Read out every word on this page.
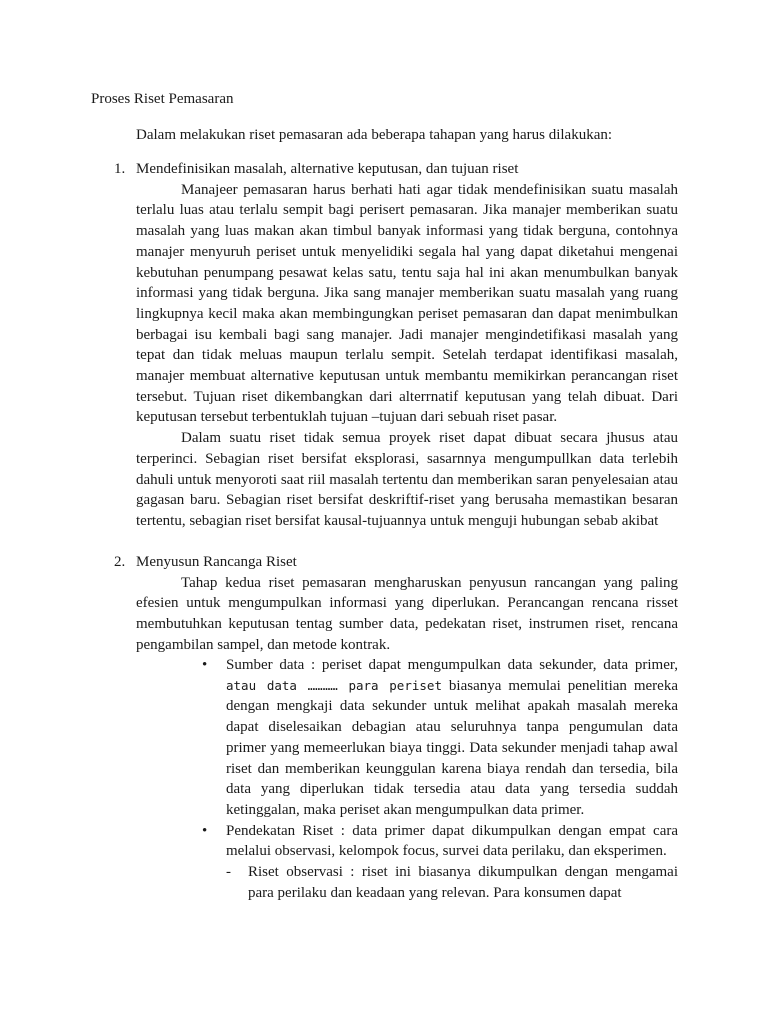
Proses Riset Pemasaran
Dalam melakukan riset pemasaran ada beberapa tahapan yang harus dilakukan:
1. Mendefinisikan masalah, alternative keputusan, dan tujuan riset

Manajeer pemasaran harus berhati hati agar tidak mendefinisikan suatu masalah terlalu luas atau terlalu sempit bagi perisert pemasaran. Jika manajer memberikan suatu masalah yang luas makan akan timbul banyak informasi yang tidak berguna, contohnya manajer menyuruh periset untuk menyelidiki segala hal yang dapat diketahui mengenai kebutuhan penumpang pesawat kelas satu, tentu saja hal ini akan menumbulkan banyak informasi yang tidak berguna. Jika sang manajer memberikan suatu masalah yang ruang lingkupnya kecil maka akan membingungkan periset pemasaran dan dapat menimbulkan berbagai isu kembali bagi sang manajer. Jadi manajer mengindetifikasi masalah yang tepat dan tidak meluas maupun terlalu sempit. Setelah terdapat identifikasi masalah, manajer membuat alternative keputusan untuk membantu memikirkan perancangan riset tersebut. Tujuan riset dikembangkan dari alterrnatif keputusan yang telah dibuat. Dari keputusan tersebut terbentuklah tujuan –tujuan dari sebuah riset pasar.

Dalam suatu riset tidak semua proyek riset dapat dibuat secara jhusus atau terperinci. Sebagian riset bersifat eksplorasi, sasarnnya mengumpullkan data terlebih dahuli untuk menyoroti saat riil masalah tertentu dan memberikan saran penyelesaian atau gagasan baru. Sebagian riset bersifat deskriftif-riset yang berusaha memastikan besaran tertentu, sebagian riset bersifat kausal-tujuannya untuk menguji hubungan sebab akibat

2. Menyusun Rancanga Riset

Tahap kedua riset pemasaran mengharuskan penyusun rancangan yang paling efesien untuk mengumpulkan informasi yang diperlukan. Perancangan rencana risset membutuhkan keputusan tentag sumber data, pedekatan riset, instrumen riset, rencana pengambilan sampel, dan metode kontrak.

• Sumber data : periset dapat mengumpulkan data sekunder, data primer, atau data ………… para periset biasanya memulai penelitian mereka dengan mengkaji data sekunder untuk melihat apakah masalah mereka dapat diselesaikan debagian atau seluruhnya tanpa pengumulan data primer yang memeerlukan biaya tinggi. Data sekunder menjadi tahap awal riset dan memberikan keunggulan karena biaya rendah dan tersedia, bila data yang diperlukan tidak tersedia atau data yang tersedia suddah ketinggalan, maka periset akan mengumpulkan data primer.
• Pendekatan Riset : data primer dapat dikumpulkan dengan empat cara melalui observasi, kelompok focus, survei data perilaku, dan eksperimen.
- Riset observasi : riset ini biasanya dikumpulkan dengan mengamai para perilaku dan keadaan yang relevan. Para konsumen dapat
